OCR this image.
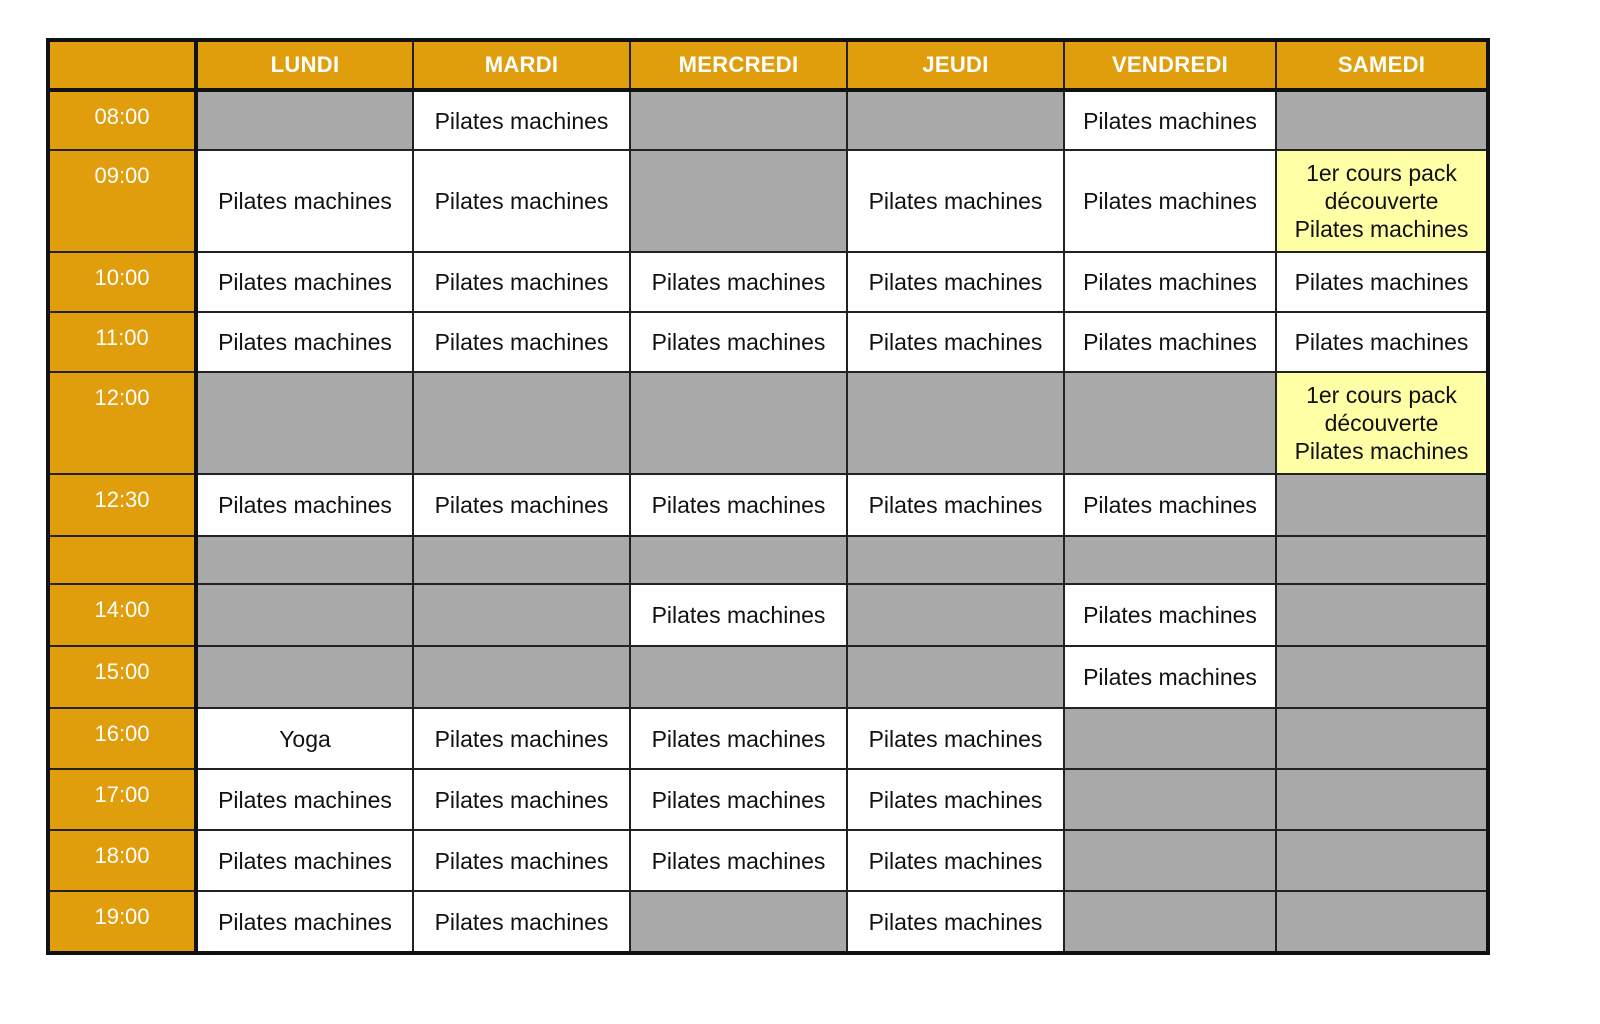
	LUNDI	MARDI	MERCREDI	JEUDI	VENDREDI	SAMEDI
08:00		Pilates machines			Pilates machines	

09:00	Pilates machines	Pilates machines		Pilates machines	Pilates machines	1er cours pack
découverte
Pilates machines

10:00	Pilates machines	Pilates machines	Pilates machines	Pilates machines	Pilates machines	Pilates machines

11:00	Pilates machines	Pilates machines	Pilates machines	Pilates machines	Pilates machines	Pilates machines

12:00						1er cours pack
découverte
Pilates machines

12:30	Pilates machines	Pilates machines	Pilates machines	Pilates machines	Pilates machines	

14:00			Pilates machines		Pilates machines	

15:00					Pilates machines	

16:00	Yoga	Pilates machines	Pilates machines	Pilates machines		

17:00	Pilates machines	Pilates machines	Pilates machines	Pilates machines		

18:00	Pilates machines	Pilates machines	Pilates machines	Pilates machines		

19:00	Pilates machines	Pilates machines		Pilates machines		
